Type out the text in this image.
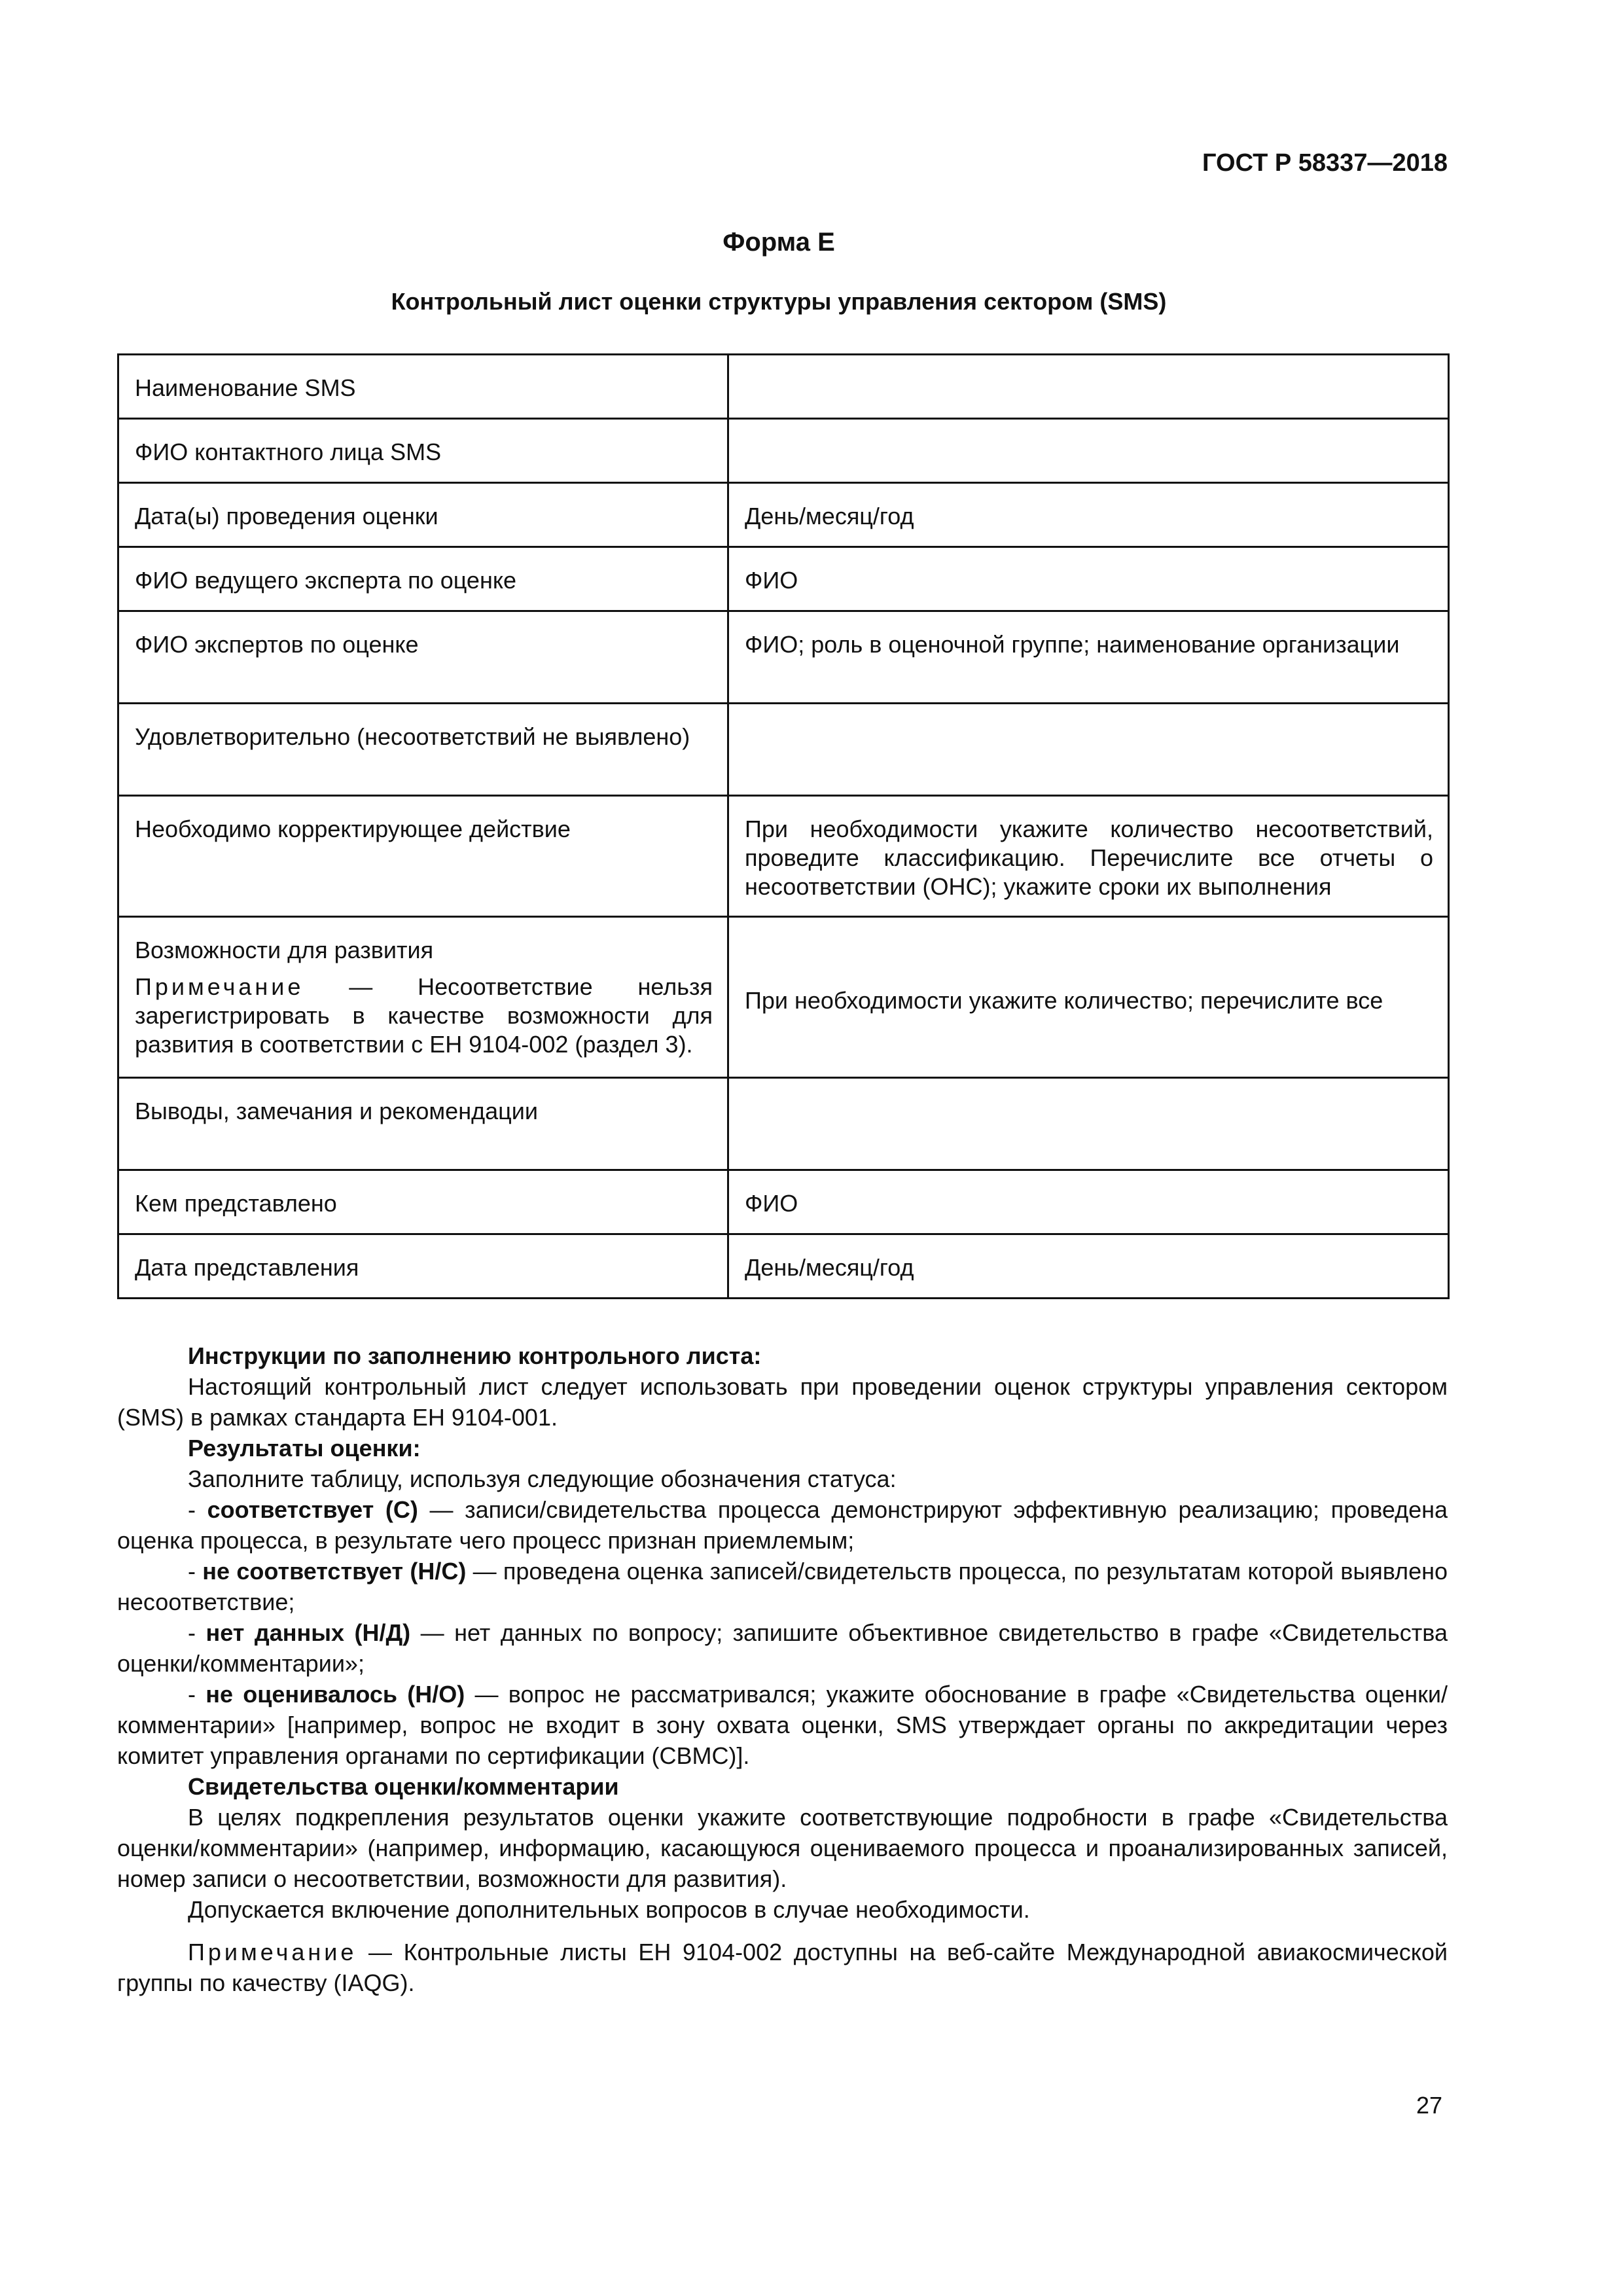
ГОСТ Р 58337—2018
Форма Е
Контрольный лист оценки структуры управления сектором (SMS)
Наименование SMS	
ФИО контактного лица SMS	
Дата(ы) проведения оценки	День/месяц/год
ФИО ведущего эксперта по оценке	ФИО
ФИО экспертов по оценке	ФИО; роль в оценочной группе; наименование организации
Удовлетворительно (несоответствий не выявлено)	
Необходимо корректирующее действие	При необходимости укажите количество несоответствий, проведите классификацию. Перечислите все отчеты о несоответствии (ОНС); укажите сроки их выполнения

Возможности для развития
Примечание — Несоответствие нельзя зарегистрировать в качестве возможности для развития в соответствии с ЕН 9104-002 (раздел 3).	При необходимости укажите количество; перечислите все
Выводы, замечания и рекомендации	
Кем представлено	ФИО
Дата представления	День/месяц/год

Инструкции по заполнению контрольного листа:

Настоящий контрольный лист следует использовать при проведении оценок структуры управления сектором (SMS) в рамках стандарта ЕН 9104-001.

Результаты оценки:

Заполните таблицу, используя следующие обозначения статуса:

- соответствует (С) — записи/свидетельства процесса демонстрируют эффективную реализацию; проведена оценка процесса, в результате чего процесс признан приемлемым;

- не соответствует (Н/С) — проведена оценка записей/свидетельств процесса, по результатам которой выявлено несоответствие;

- нет данных (Н/Д) — нет данных по вопросу; запишите объективное свидетельство в графе «Свидетельства оценки/комментарии»;

- не оценивалось (Н/О) — вопрос не рассматривался; укажите обоснование в графе «Свидетельства оценки/комментарии» [например, вопрос не входит в зону охвата оценки, SMS утверждает органы по аккредитации через комитет управления органами по сертификации (СВМС)].

Свидетельства оценки/комментарии

В целях подкрепления результатов оценки укажите соответствующие подробности в графе «Свидетельства оценки/комментарии» (например, информацию, касающуюся оцениваемого процесса и проанализированных записей, номер записи о несоответствии, возможности для развития).

Допускается включение дополнительных вопросов в случае необходимости.

Примечание — Контрольные листы ЕН 9104-002 доступны на веб-сайте Международной авиакосмической группы по качеству (IAQG).

27
